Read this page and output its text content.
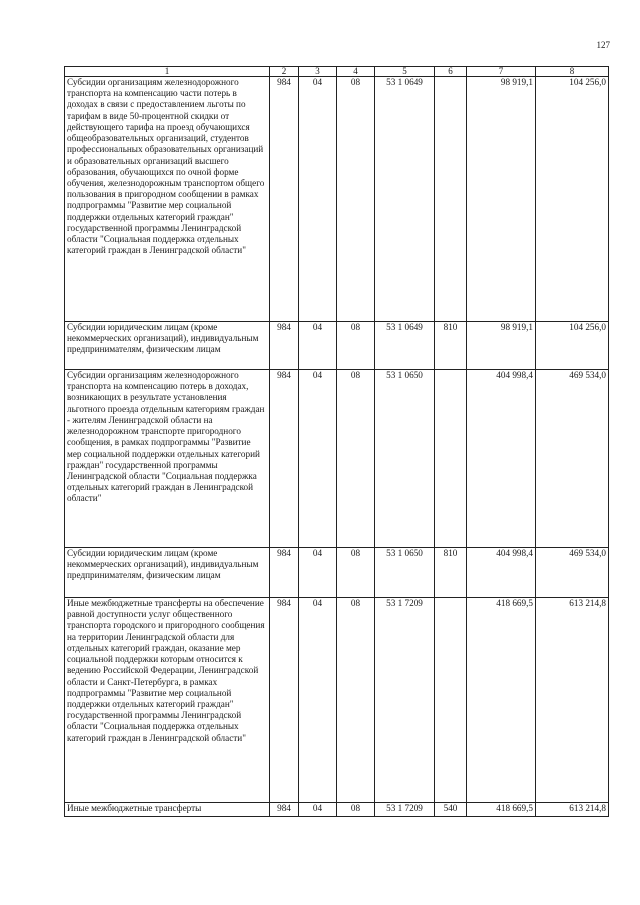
127
1	2	3	4	5	6	7	8
Субсидии организациям железнодорожного транспорта на компенсацию части потерь в доходах в связи с предоставлением льготы по тарифам в виде 50-процентной скидки от действующего тарифа на проезд обучающихся общеобразовательных организаций, студентов профессиональных образовательных организаций и образовательных организаций высшего образования, обучающихся по очной форме обучения, железнодорожным транспортом общего пользования в пригородном сообщении в рамках подпрограммы "Развитие мер социальной поддержки отдельных категорий граждан" государственной программы Ленинградской области "Социальная поддержка отдельных категорий граждан в Ленинградской области"	984	04	08	53 1 0649		98 919,1	104 256,0
Субсидии юридическим лицам (кроме некоммерческих организаций), индивидуальным предпринимателям, физическим лицам	984	04	08	53 1 0649	810	98 919,1	104 256,0
Субсидии организациям железнодорожного транспорта на компенсацию потерь в доходах, возникающих в результате установления льготного проезда отдельным категориям граждан - жителям Ленинградской области на железнодорожном транспорте пригородного сообщения, в рамках подпрограммы "Развитие мер социальной поддержки отдельных категорий граждан" государственной программы Ленинградской области "Социальная поддержка отдельных категорий граждан в Ленинградской области"	984	04	08	53 1 0650		404 998,4	469 534,0
Субсидии юридическим лицам (кроме некоммерческих организаций), индивидуальным предпринимателям, физическим лицам	984	04	08	53 1 0650	810	404 998,4	469 534,0
Иные межбюджетные трансферты на обеспечение равной доступности услуг общественного транспорта городского и пригородного сообщения на территории Ленинградской области для отдельных категорий граждан, оказание мер социальной поддержки которым относится к ведению Российской Федерации, Ленинградской области и Санкт-Петербурга, в рамках подпрограммы "Развитие мер социальной поддержки отдельных категорий граждан" государственной программы Ленинградской области "Социальная поддержка отдельных категорий граждан в Ленинградской области"	984	04	08	53 1 7209		418 669,5	613 214,8
Иные межбюджетные трансферты	984	04	08	53 1 7209	540	418 669,5	613 214,8
